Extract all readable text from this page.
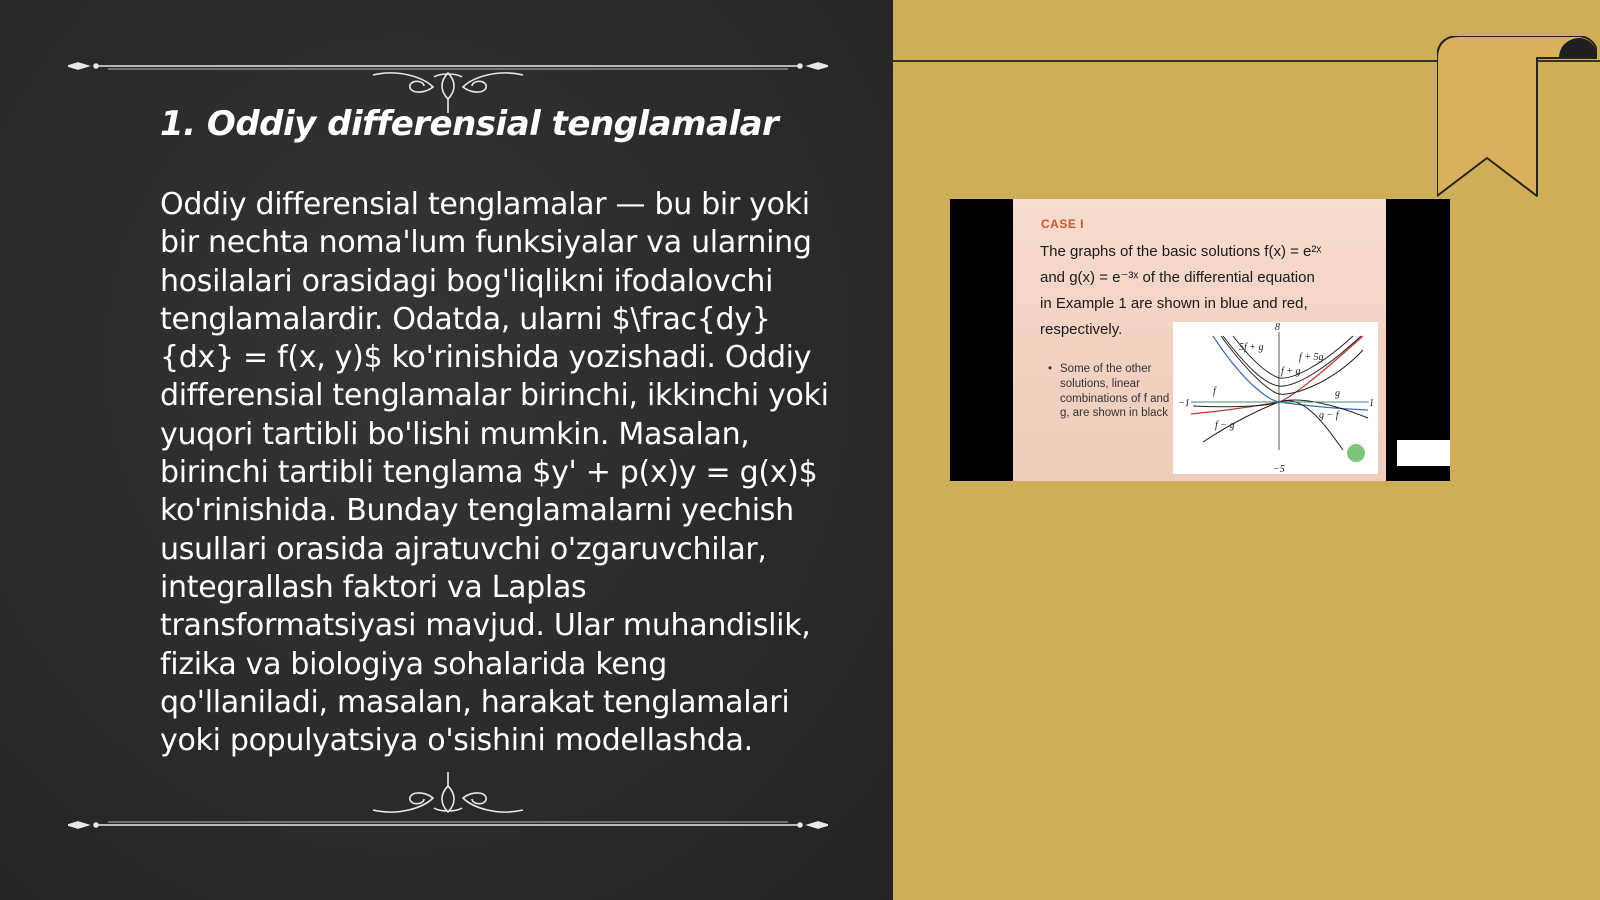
1. Oddiy differensial tenglamalar

Oddiy differensial tenglamalar — bu bir yoki bir nechta noma'lum funksiyalar va ularning hosilalari orasidagi bog'liqlikni ifodalovchi tenglamalardir. Odatda, ularni $\frac{dy}{dx} = f(x, y)$ ko'rinishida yozishadi. Oddiy differensial tenglamalar birinchi, ikkinchi yoki yuqori tartibli bo'lishi mumkin. Masalan, birinchi tartibli tenglama $y' + p(x)y = g(x)$ ko'rinishida. Bunday tenglamalarni yechish usullari orasida ajratuvchi o'zgaruvchilar, integrallash faktori va Laplas transformatsiyasi mavjud. Ular muhandislik, fizika va biologiya sohalarida keng qo'llaniladi, masalan, harakat tenglamalari yoki populyatsiya o'sishini modellashda.

CASE I
The graphs of the basic solutions f(x) = e²ˣ
and g(x) = e⁻³ˣ of the differential equation
in Example 1 are shown in blue and red,
respectively.
• Some of the other solutions, linear combinations of f and g, are shown in black
8
−5
−1	1
5f + g
f + 5g
f + g
f	g
g − f
f − g
